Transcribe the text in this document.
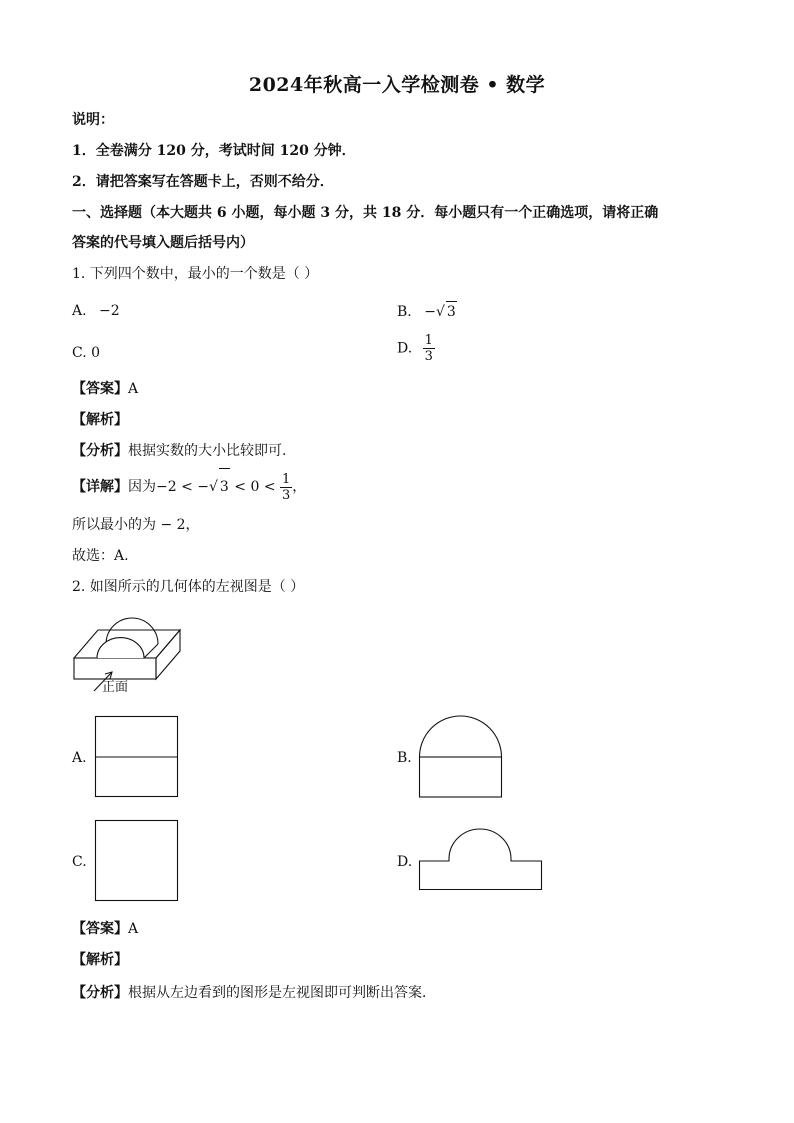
2024年秋高一入学检测卷 • 数学
说明：
1．全卷满分 120 分，考试时间 120 分钟．
2．请把答案写在答题卡上，否则不给分．
一、选择题（本大题共 6 小题，每小题 3 分，共 18 分．每小题只有一个正确选项，请将正确
答案的代号填入题后括号内）
1. 下列四个数中，最小的一个数是（ ）
A. −2	B. −√ 3
C. 0	D. $\frac{1}{3}$
【答案】A
【解析】
【分析】根据实数的大小比较即可.
【详解】因为−2 < −√ $3 < 0 < \frac{1}{3}$ ，
所以最小的为 − 2，
故选：A.
2. 如图所示的几何体的左视图是（ ）
正面
A.	B.
C.	D.
【答案】A
【解析】
【分析】根据从左边看到的图形是左视图即可判断出答案．
